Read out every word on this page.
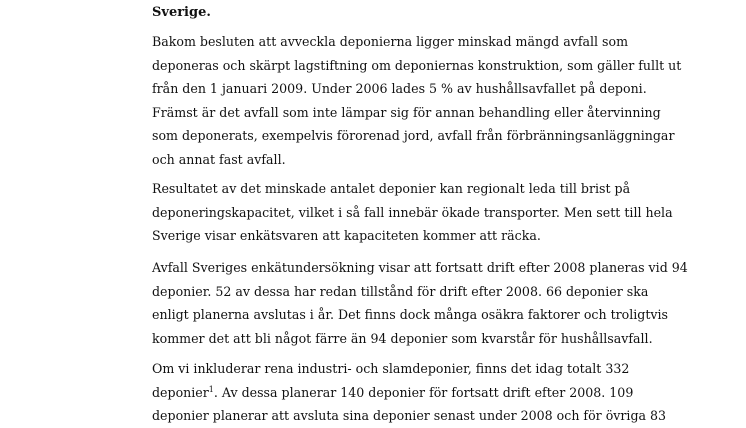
Sverige.

Bakom besluten att avveckla deponierna ligger minskad mängd avfall som
deponeras och skärpt lagstiftning om deponiernas konstruktion, som gäller fullt ut
från den 1 januari 2009. Under 2006 lades 5 % av hushållsavfallet på deponi.
Främst är det avfall som inte lämpar sig för annan behandling eller återvinning
som deponerats, exempelvis förorenad jord, avfall från förbränningsanläggningar
och annat fast avfall.
Resultatet av det minskade antalet deponier kan regionalt leda till brist på
deponeringskapacitet, vilket i så fall innebär ökade transporter. Men sett till hela
Sverige visar enkätsvaren att kapaciteten kommer att räcka.
Avfall Sveriges enkätundersökning visar att fortsatt drift efter 2008 planeras vid 94
deponier. 52 av dessa har redan tillstånd för drift efter 2008. 66 deponier ska
enligt planerna avslutas i år. Det finns dock många osäkra faktorer och troligtvis
kommer det att bli något färre än 94 deponier som kvarstår för hushållsavfall.
Om vi inkluderar rena industri- och slamdeponier, finns det idag totalt 332
deponier$^1$. Av dessa planerar 140 deponier för fortsatt drift efter 2008. 109
deponier planerar att avsluta sina deponier senast under 2008 och för övriga 83
